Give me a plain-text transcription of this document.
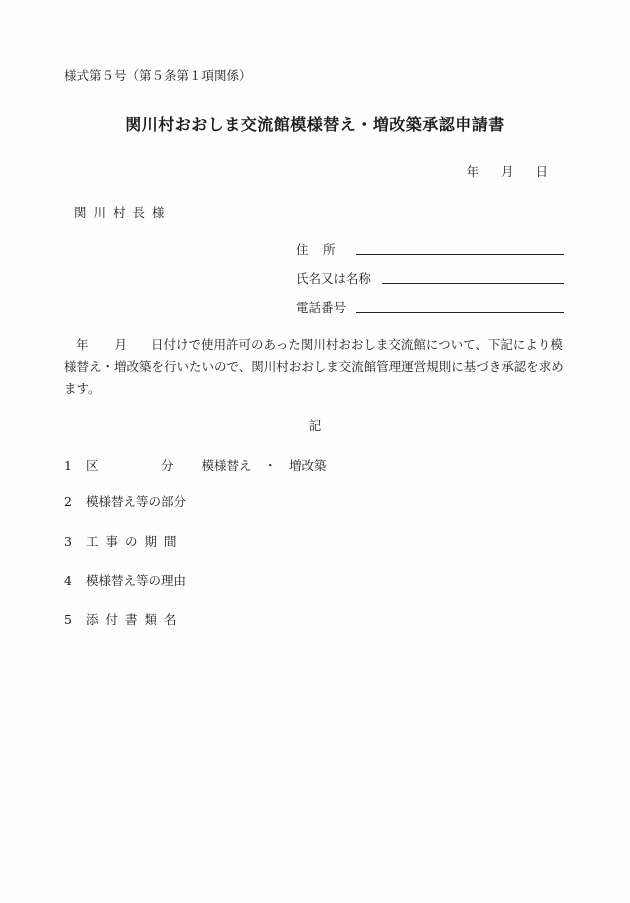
様式第５号（第５条第１項関係）
関川村おおしま交流館模様替え・増改築承認申請書
年 月 日
関川村長様
住　所
氏名又は名称
電話番号
年 月 日付けで使用許可のあった関川村おおしま交流館について、下記により模様替え・増改築を行いたいので、関川村おおしま交流館管理運営規則に基づき承認を求めます。
記
1 区　　　　　分 模様替え　・　増改築
2 模様替え等の部分
3 工事の期間
4 模様替え等の理由
5 添付書類名
